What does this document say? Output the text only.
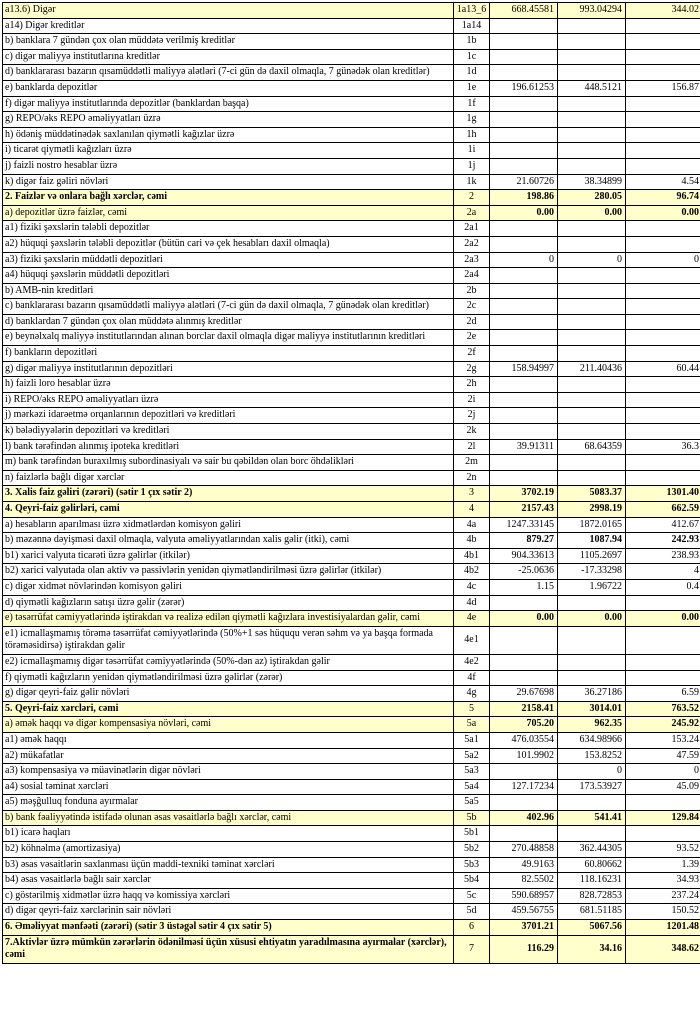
a13.6) Digər	1a13_6	668.45581	993.04294	344.02
a14) Digər kreditlər	1a14			
b) banklara 7 gündən çox olan müddətə verilmiş kreditlər	1b			
c) digər maliyyə institutlarına kreditlər	1c			
d) banklararası bazarın qısamüddətli maliyyə alətləri (7-ci gün də daxil olmaqla, 7 günədək olan kreditlər)	1d			
e) banklarda depozitlər	1e	196.61253	448.5121	156.87
f) digər maliyyə institutlarında depozitlər (banklardan başqa)	1f			
g) REPO/əks REPO əməliyyatları üzrə	1g			
h) ödəniş müddətinədək saxlanılan qiymətli kağızlar üzrə	1h			
i) ticarət qiymətli kağızları üzrə	1i			
j) faizli nostro hesablar üzrə	1j			
k) digər faiz gəliri növləri	1k	21.60726	38.34899	4.54
2. Faizlər və onlara bağlı xərclər, cəmi	2	198.86	280.05	96.74
a) depozitlər üzrə faizlər, cəmi	2a	0.00	0.00	0.00
a1) fiziki şəxslərin tələbli depozitlər	2a1			
a2) hüquqi şəxslərin tələbli depozitlər (bütün cari və çek hesabları daxil olmaqla)	2a2			
a3) fiziki şəxslərin müddətli depozitləri	2a3	0	0	0
a4) hüquqi şəxslərin müddətli depozitləri	2a4			
b) AMB-nin kreditləri	2b			
c) banklararası bazarın qısamüddətli maliyyə alətləri (7-ci gün də daxil olmaqla, 7 günədək olan kreditlər)	2c			
d) banklardan 7 gündən çox olan müddətə alınmış kreditlər	2d			
e) beynəlxalq maliyyə institutlarından alınan borclar daxil olmaqla digər maliyyə institutlarının kreditləri	2e			
f) bankların depozitləri	2f			
g) digər maliyyə institutlarının depozitləri	2g	158.94997	211.40436	60.44
h) faizli loro hesablar üzrə	2h			
i) REPO/əks REPO əməliyyatları üzrə	2i			
j) mərkəzi idarəetmə orqanlarının depozitləri və kreditləri	2j			
k) bələdiyyələrin depozitləri və kreditləri	2k			
l) bank tərəfindən alınmış ipoteka kreditləri	2l	39.91311	68.64359	36.3
m) bank tərəfindən buraxılmış subordinasiyalı və sair bu qəbildən olan borc öhdəlikləri	2m			
n) faizlərlə bağlı digər xərclər	2n			
3. Xalis faiz gəliri (zərəri) (sətir 1 çıx sətir 2)	3	3702.19	5083.37	1301.40
4. Qeyri-faiz gəlirləri, cəmi	4	2157.43	2998.19	662.59
a) hesabların aparılması üzrə xidmətlərdən komisyon gəliri	4a	1247.33145	1872.0165	412.67
b) məzənnə dəyişməsi daxil olmaqla, valyuta əməliyyatlarından xalis gəlir (itki), cəmi	4b	879.27	1087.94	242.93
b1) xarici valyuta ticarəti üzrə gəlirlər (itkilər)	4b1	904.33613	1105.2697	238.93
b2) xarici valyutada olan aktiv və passivlərin yenidən qiymətləndirilməsi üzrə gəlirlər (itkilər)	4b2	-25.0636	-17.33298	4
c) digər xidmət növlərindən komisyon gəliri	4c	1.15	1.96722	0.4
d) qiymətli kağızların satışı üzrə gəlir (zərər)	4d			
e) təsərrüfat cəmiyyətlərində iştirakdan və realizə edilən qiymətli kağızlara investisiyalardan gəlir, cəmi	4e	0.00	0.00	0.00
e1) icmallaşmamış törəmə təsərrüfat cəmiyyətlərində (50%+1 səs hüququ verən səhm və ya başqa formada törəməsidirsə) iştirakdan gəlir	4e1			
e2) icmallaşmamış digər təsərrüfat cəmiyyətlərində (50%-dən az) iştirakdan gəlir	4e2			
f) qiymətli kağızların yenidən qiymətləndirilməsi üzrə gəlirlər (zərər)	4f			
g) digər qeyri-faiz gəlir növləri	4g	29.67698	36.27186	6.59
5. Qeyri-faiz xərcləri, cəmi	5	2158.41	3014.01	763.52
a) əmək haqqı və digər kompensasiya növləri, cəmi	5a	705.20	962.35	245.92
a1) əmək haqqı	5a1	476.03554	634.98966	153.24
a2) mükafatlar	5a2	101.9902	153.8252	47.59
a3) kompensasiya və müavinətlərin digər növləri	5a3		0	0
a4) sosial təminat xərcləri	5a4	127.17234	173.53927	45.09
a5) məşğulluq fonduna ayırmalar	5a5			
b) bank fəaliyyətində istifadə olunan əsas vəsaitlərlə bağlı xərclər, cəmi	5b	402.96	541.41	129.84
b1) icarə haqları	5b1			
b2) köhnəlmə (amortizasiya)	5b2	270.48858	362.44305	93.52
b3) əsas vəsaitlərin saxlanması üçün maddi-texniki təminat xərcləri	5b3	49.9163	60.80662	1.39
b4) əsas vəsaitlərlə bağlı sair xərclər	5b4	82.5502	118.16231	34.93
c) göstərilmiş xidmətlər üzrə haqq və komissiya xərcləri	5c	590.68957	828.72853	237.24
d) digər qeyri-faiz xərclərinin sair növləri	5d	459.56755	681.51185	150.52
6. Əməliyyat mənfəəti (zərəri) (sətir 3 üstəgəl sətir 4 çıx sətir 5)	6	3701.21	5067.56	1201.48
7.Aktivlər üzrə mümkün zərərlərin ödənilməsi üçün xüsusi ehtiyatın yaradılmasına ayırmalar (xərclər), cəmi	7	116.29	34.16	348.62
